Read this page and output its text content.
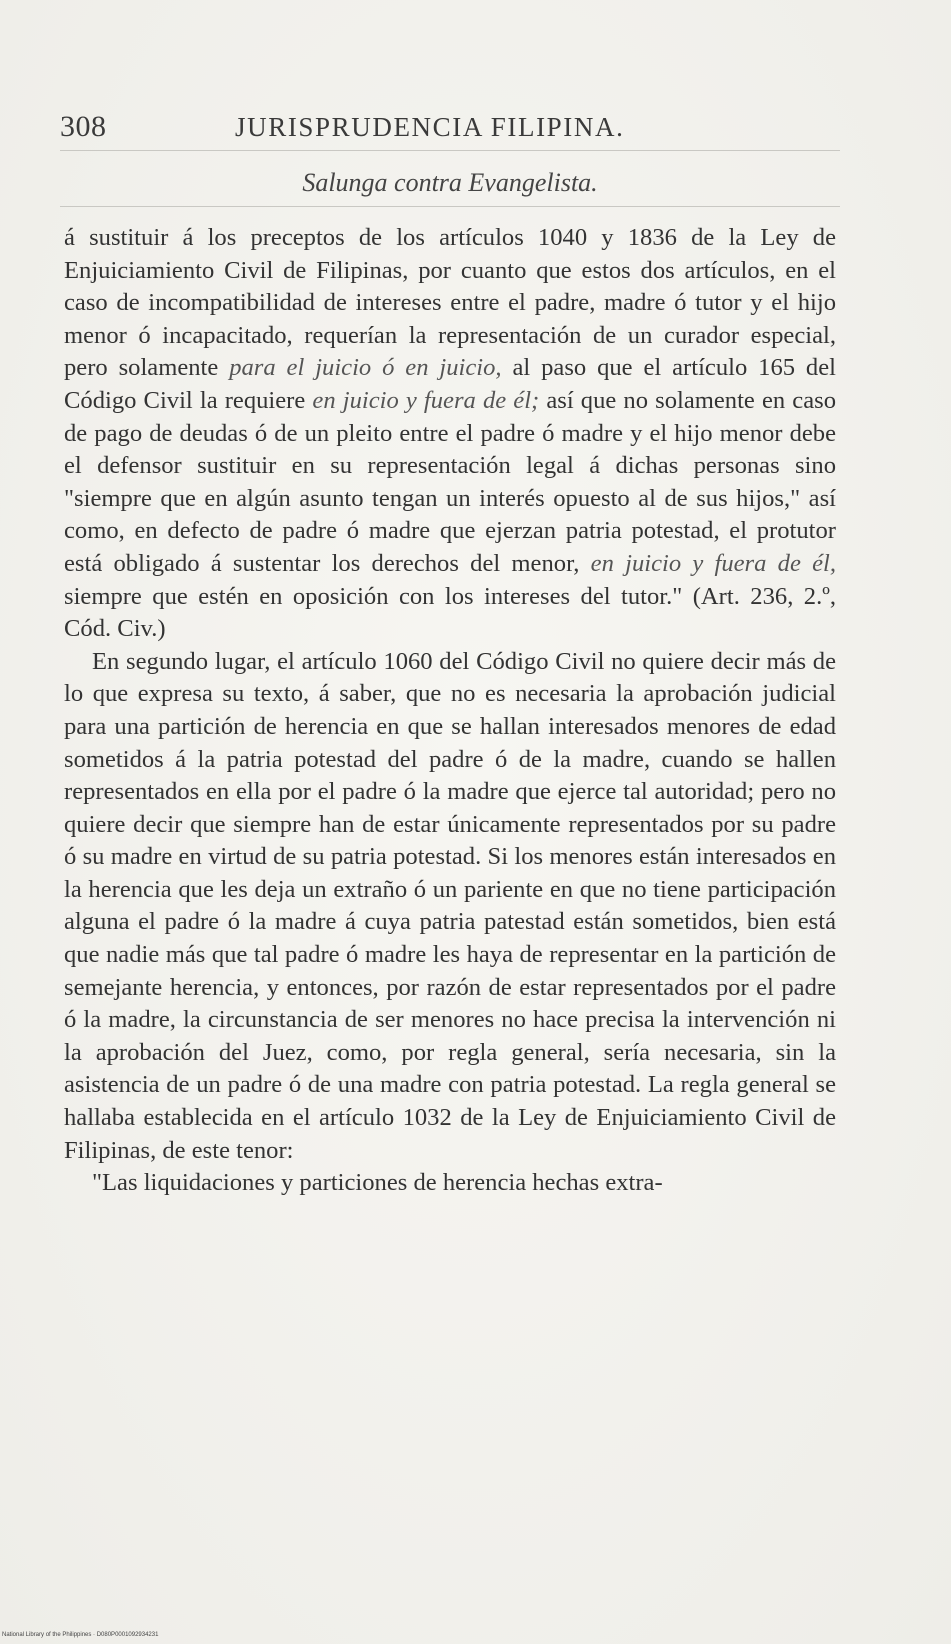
308	JURISPRUDENCIA FILIPINA.
Salunga contra Evangelista.

á sustituir á los preceptos de los artículos 1040 y 1836 de la Ley de Enjuiciamiento Civil de Filipinas, por cuanto que estos dos artículos, en el caso de incompatibilidad de intereses entre el padre, madre ó tutor y el hijo menor ó incapacitado, requerían la representación de un curador especial, pero solamente para el juicio ó en juicio, al paso que el artículo 165 del Código Civil la requiere en juicio y fuera de él; así que no solamente en caso de pago de deudas ó de un pleito entre el padre ó madre y el hijo menor debe el defensor sustituir en su representación legal á dichas personas sino "siempre que en algún asunto tengan un interés opuesto al de sus hijos," así como, en defecto de padre ó madre que ejerzan patria potestad, el protutor está obligado á sustentar los derechos del menor, en juicio y fuera de él, siempre que estén en oposición con los intereses del tutor." (Art. 236, 2.º, Cód. Civ.)

En segundo lugar, el artículo 1060 del Código Civil no quiere decir más de lo que expresa su texto, á saber, que no es necesaria la aprobación judicial para una partición de herencia en que se hallan interesados menores de edad sometidos á la patria potestad del padre ó de la madre, cuando se hallen representados en ella por el padre ó la madre que ejerce tal autoridad; pero no quiere decir que siempre han de estar únicamente representados por su padre ó su madre en virtud de su patria potestad. Si los menores están interesados en la herencia que les deja un extraño ó un pariente en que no tiene participación alguna el padre ó la madre á cuya patria patestad están sometidos, bien está que nadie más que tal padre ó madre les haya de representar en la partición de semejante herencia, y entonces, por razón de estar representados por el padre ó la madre, la circunstancia de ser menores no hace precisa la intervención ni la aprobación del Juez, como, por regla general, sería necesaria, sin la asistencia de un padre ó de una madre con patria potestad. La regla general se hallaba establecida en el artículo 1032 de la Ley de Enjuiciamiento Civil de Filipinas, de este tenor:

"Las liquidaciones y particiones de herencia hechas extra-

National Library of the Philippines · D080P0001092934231
